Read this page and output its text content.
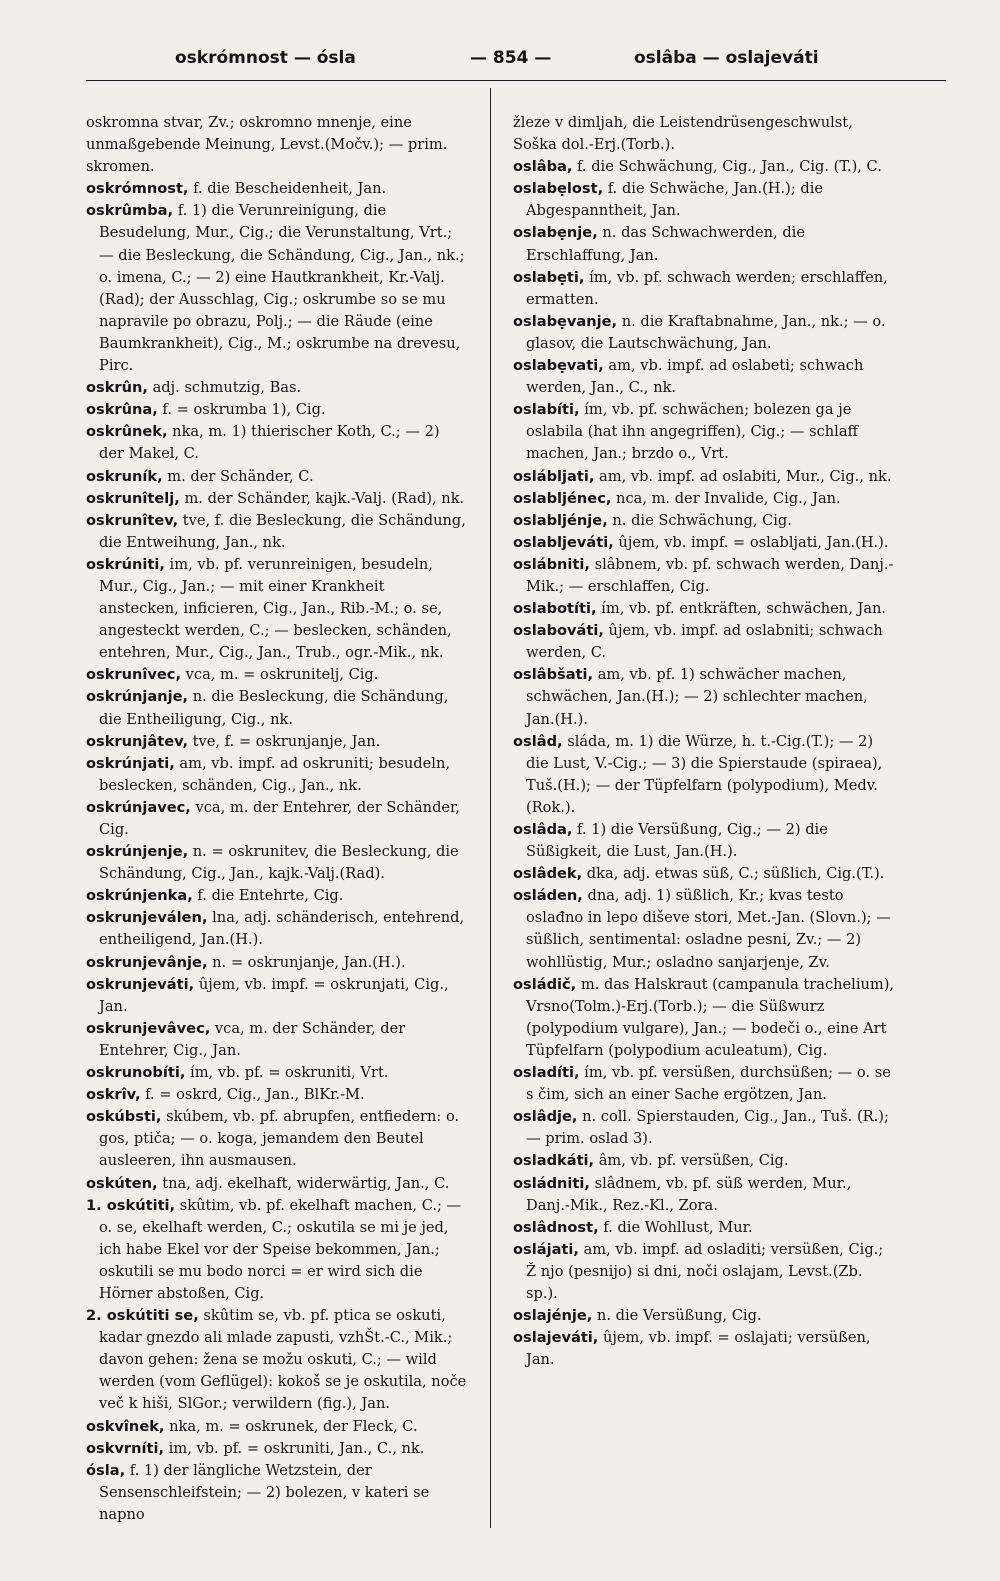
oskrómnost — ósla	— 854 —	oslâba — oslajeváti

oskromna stvar, Zv.; oskromno mnenje, eine unmaßgebende Meinung, Levst.(Močv.); — prim. skromen.

oskrómnost, f. die Bescheidenheit, Jan.

oskrûmba, f. 1) die Verunreinigung, die Besudelung, Mur., Cig.; die Verunstaltung, Vrt.; — die Besleckung, die Schändung, Cig., Jan., nk.; o. imena, C.; — 2) eine Hautkrankheit, Kr.-Valj.(Rad); der Ausschlag, Cig.; oskrumbe so se mu napravile po obrazu, Polj.; — die Räude (eine Baumkrankheit), Cig., M.; oskrumbe na drevesu, Pirc.

oskrûn, adj. schmutzig, Bas.

oskrûna, f. = oskrumba 1), Cig.

oskrûnek, nka, m. 1) thierischer Koth, C.; — 2) der Makel, C.

oskruník, m. der Schänder, C.

oskrunîtelj, m. der Schänder, kajk.-Valj. (Rad), nk.

oskrunîtev, tve, f. die Besleckung, die Schändung, die Entweihung, Jan., nk.

oskrúniti, im, vb. pf. verunreinigen, besudeln, Mur., Cig., Jan.; — mit einer Krankheit anstecken, inficieren, Cig., Jan., Rib.-M.; o. se, angesteckt werden, C.; — beslecken, schänden, entehren, Mur., Cig., Jan., Trub., ogr.-Mik., nk.

oskrunîvec, vca, m. = oskrunitelj, Cig.

oskrúnjanje, n. die Besleckung, die Schändung, die Entheiligung, Cig., nk.

oskrunjâtev, tve, f. = oskrunjanje, Jan.

oskrúnjati, am, vb. impf. ad oskruniti; besudeln, beslecken, schänden, Cig., Jan., nk.

oskrúnjavec, vca, m. der Entehrer, der Schänder, Cig.

oskrúnjenje, n. = oskrunitev, die Besleckung, die Schändung, Cig., Jan., kajk.-Valj.(Rad).

oskrúnjenka, f. die Entehrte, Cig.

oskrunjeválen, lna, adj. schänderisch, entehrend, entheiligend, Jan.(H.).

oskrunjevânje, n. = oskrunjanje, Jan.(H.).

oskrunjeváti, ûjem, vb. impf. = oskrunjati, Cig., Jan.

oskrunjevâvec, vca, m. der Schänder, der Entehrer, Cig., Jan.

oskrunobíti, ím, vb. pf. = oskruniti, Vrt.

oskrîv, f. = oskrd, Cig., Jan., BlKr.-M.

oskúbsti, skúbem, vb. pf. abrupfen, entfiedern: o. gos, ptiča; — o. koga, jemandem den Beutel ausleeren, ihn ausmausen.

oskúten, tna, adj. ekelhaft, widerwärtig, Jan., C.

1. oskútiti, skûtim, vb. pf. ekelhaft machen, C.; — o. se, ekelhaft werden, C.; oskutila se mi je jed, ich habe Ekel vor der Speise bekommen, Jan.; oskutili se mu bodo norci = er wird sich die Hörner abstoßen, Cig.

2. oskútiti se, skûtim se, vb. pf. ptica se oskuti, kadar gnezdo ali mlade zapusti, vzhŠt.-C., Mik.; davon gehen: žena se možu oskuti, C.; — wild werden (vom Geflügel): kokoš se je oskutila, noče več k hiši, SlGor.; verwildern (fig.), Jan.

oskvînek, nka, m. = oskrunek, der Fleck, C.

oskvrníti, im, vb. pf. = oskruniti, Jan., C., nk.

ósla, f. 1) der längliche Wetzstein, der Sensenschleifstein; — 2) bolezen, v kateri se napno

žleze v dimljah, die Leistendrüsengeschwulst, Soška dol.-Erj.(Torb.).

oslâba, f. die Schwächung, Cig., Jan., Cig. (T.), C.

oslabẹlost, f. die Schwäche, Jan.(H.); die Abgespanntheit, Jan.

oslabẹnje, n. das Schwachwerden, die Erschlaffung, Jan.

oslabẹti, ím, vb. pf. schwach werden; erschlaffen, ermatten.

oslabẹvanje, n. die Kraftabnahme, Jan., nk.; — o. glasov, die Lautschwächung, Jan.

oslabẹvati, am, vb. impf. ad oslabeti; schwach werden, Jan., C., nk.

oslabíti, ím, vb. pf. schwächen; bolezen ga je oslabila (hat ihn angegriffen), Cig.; — schlaff machen, Jan.; brzdo o., Vrt.

oslábljati, am, vb. impf. ad oslabiti, Mur., Cig., nk.

oslabljénec, nca, m. der Invalide, Cig., Jan.

oslabljénje, n. die Schwächung, Cig.

oslabljeváti, ûjem, vb. impf. = oslabljati, Jan.(H.).

oslábniti, slâbnem, vb. pf. schwach werden, Danj.-Mik.; — erschlaffen, Cig.

oslabotíti, ím, vb. pf. entkräften, schwächen, Jan.

oslabováti, ûjem, vb. impf. ad oslabniti; schwach werden, C.

oslâbšati, am, vb. pf. 1) schwächer machen, schwächen, Jan.(H.); — 2) schlechter machen, Jan.(H.).

oslâd, sláda, m. 1) die Würze, h. t.-Cig.(T.); — 2) die Lust, V.-Cig.; — 3) die Spierstaude (spiraea), Tuš.(H.); — der Tüpfelfarn (polypodium), Medv.(Rok.).

oslâda, f. 1) die Versüßung, Cig.; — 2) die Süßigkeit, die Lust, Jan.(H.).

oslâdek, dka, adj. etwas süß, C.; süßlich, Cig.(T.).

osláden, dna, adj. 1) süßlich, Kr.; kvas testo oslađno in lepo diševe stori, Met.-Jan. (Slovn.); — süßlich, sentimental: osladne pesni, Zv.; — 2) wohllüstig, Mur.; osladno sanjarjenje, Zv.

osládič, m. das Halskraut (campanula trachelium), Vrsno(Tolm.)-Erj.(Torb.); — die Süßwurz (polypodium vulgare), Jan.; — bodeči o., eine Art Tüpfelfarn (polypodium aculeatum), Cig.

osladíti, ím, vb. pf. versüßen, durchsüßen; — o. se s čim, sich an einer Sache ergötzen, Jan.

oslâdje, n. coll. Spierstauden, Cig., Jan., Tuš. (R.); — prim. oslad 3).

osladkáti, âm, vb. pf. versüßen, Cig.

osládniti, slâdnem, vb. pf. süß werden, Mur., Danj.-Mik., Rez.-Kl., Zora.

oslâdnost, f. die Wohllust, Mur.

oslájati, am, vb. impf. ad osladiti; versüßen, Cig.; Ž njo (pesnijo) si dni, noči oslajam, Levst.(Zb. sp.).

oslajénje, n. die Versüßung, Cig.

oslajeváti, ûjem, vb. impf. = oslajati; versüßen, Jan.
